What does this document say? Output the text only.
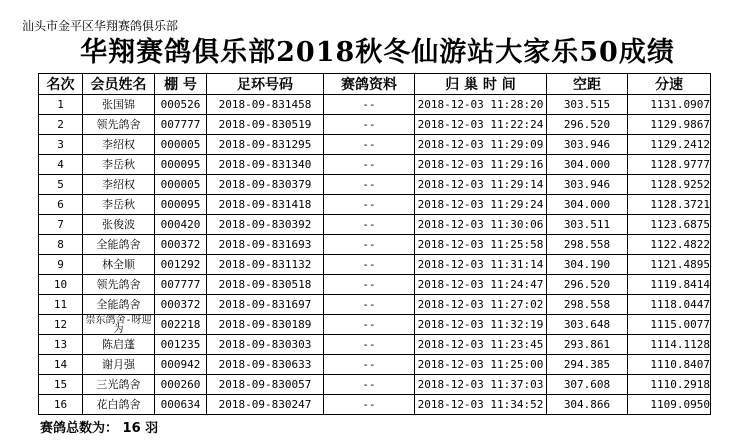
汕头市金平区华翔赛鸽俱乐部
华翔赛鸽俱乐部2018秋冬仙游站大家乐50成绩
名次	会员姓名	棚 号	足环号码	赛鸽资料	归 巢 时 间	空距	分速
1	张国锦	000526	2018-09-831458	--	2018-12-03 11:28:20	303.515	1131.0907
2	领先鸽舍	007777	2018-09-830519	--	2018-12-03 11:22:24	296.520	1129.9867
3	李绍权	000005	2018-09-831295	--	2018-12-03 11:29:09	303.946	1129.2412
4	李岳秋	000095	2018-09-831340	--	2018-12-03 11:29:16	304.000	1128.9777
5	李绍权	000005	2018-09-830379	--	2018-12-03 11:29:14	303.946	1128.9252
6	李岳秋	000095	2018-09-831418	--	2018-12-03 11:29:24	304.000	1128.3721
7	张俊波	000420	2018-09-830392	--	2018-12-03 11:30:06	303.511	1123.6875
8	全能鸽舍	000372	2018-09-831693	--	2018-12-03 11:25:58	298.558	1122.4822
9	林全顺	001292	2018-09-831132	--	2018-12-03 11:31:14	304.190	1121.4895
10	领先鸽舍	007777	2018-09-830518	--	2018-12-03 11:24:47	296.520	1119.8414
11	全能鸽舍	000372	2018-09-831697	--	2018-12-03 11:27:02	298.558	1118.0447
12	崇东鸽舍-呀迎为	002218	2018-09-830189	--	2018-12-03 11:32:19	303.648	1115.0077
13	陈启蓬	001235	2018-09-830303	--	2018-12-03 11:23:45	293.861	1114.1128
14	谢月强	000942	2018-09-830633	--	2018-12-03 11:25:00	294.385	1110.8407
15	三光鸽舍	000260	2018-09-830057	--	2018-12-03 11:37:03	307.608	1110.2918
16	花白鸽舍	000634	2018-09-830247	--	2018-12-03 11:34:52	304.866	1109.0950
赛鸽总数为： 16 羽
